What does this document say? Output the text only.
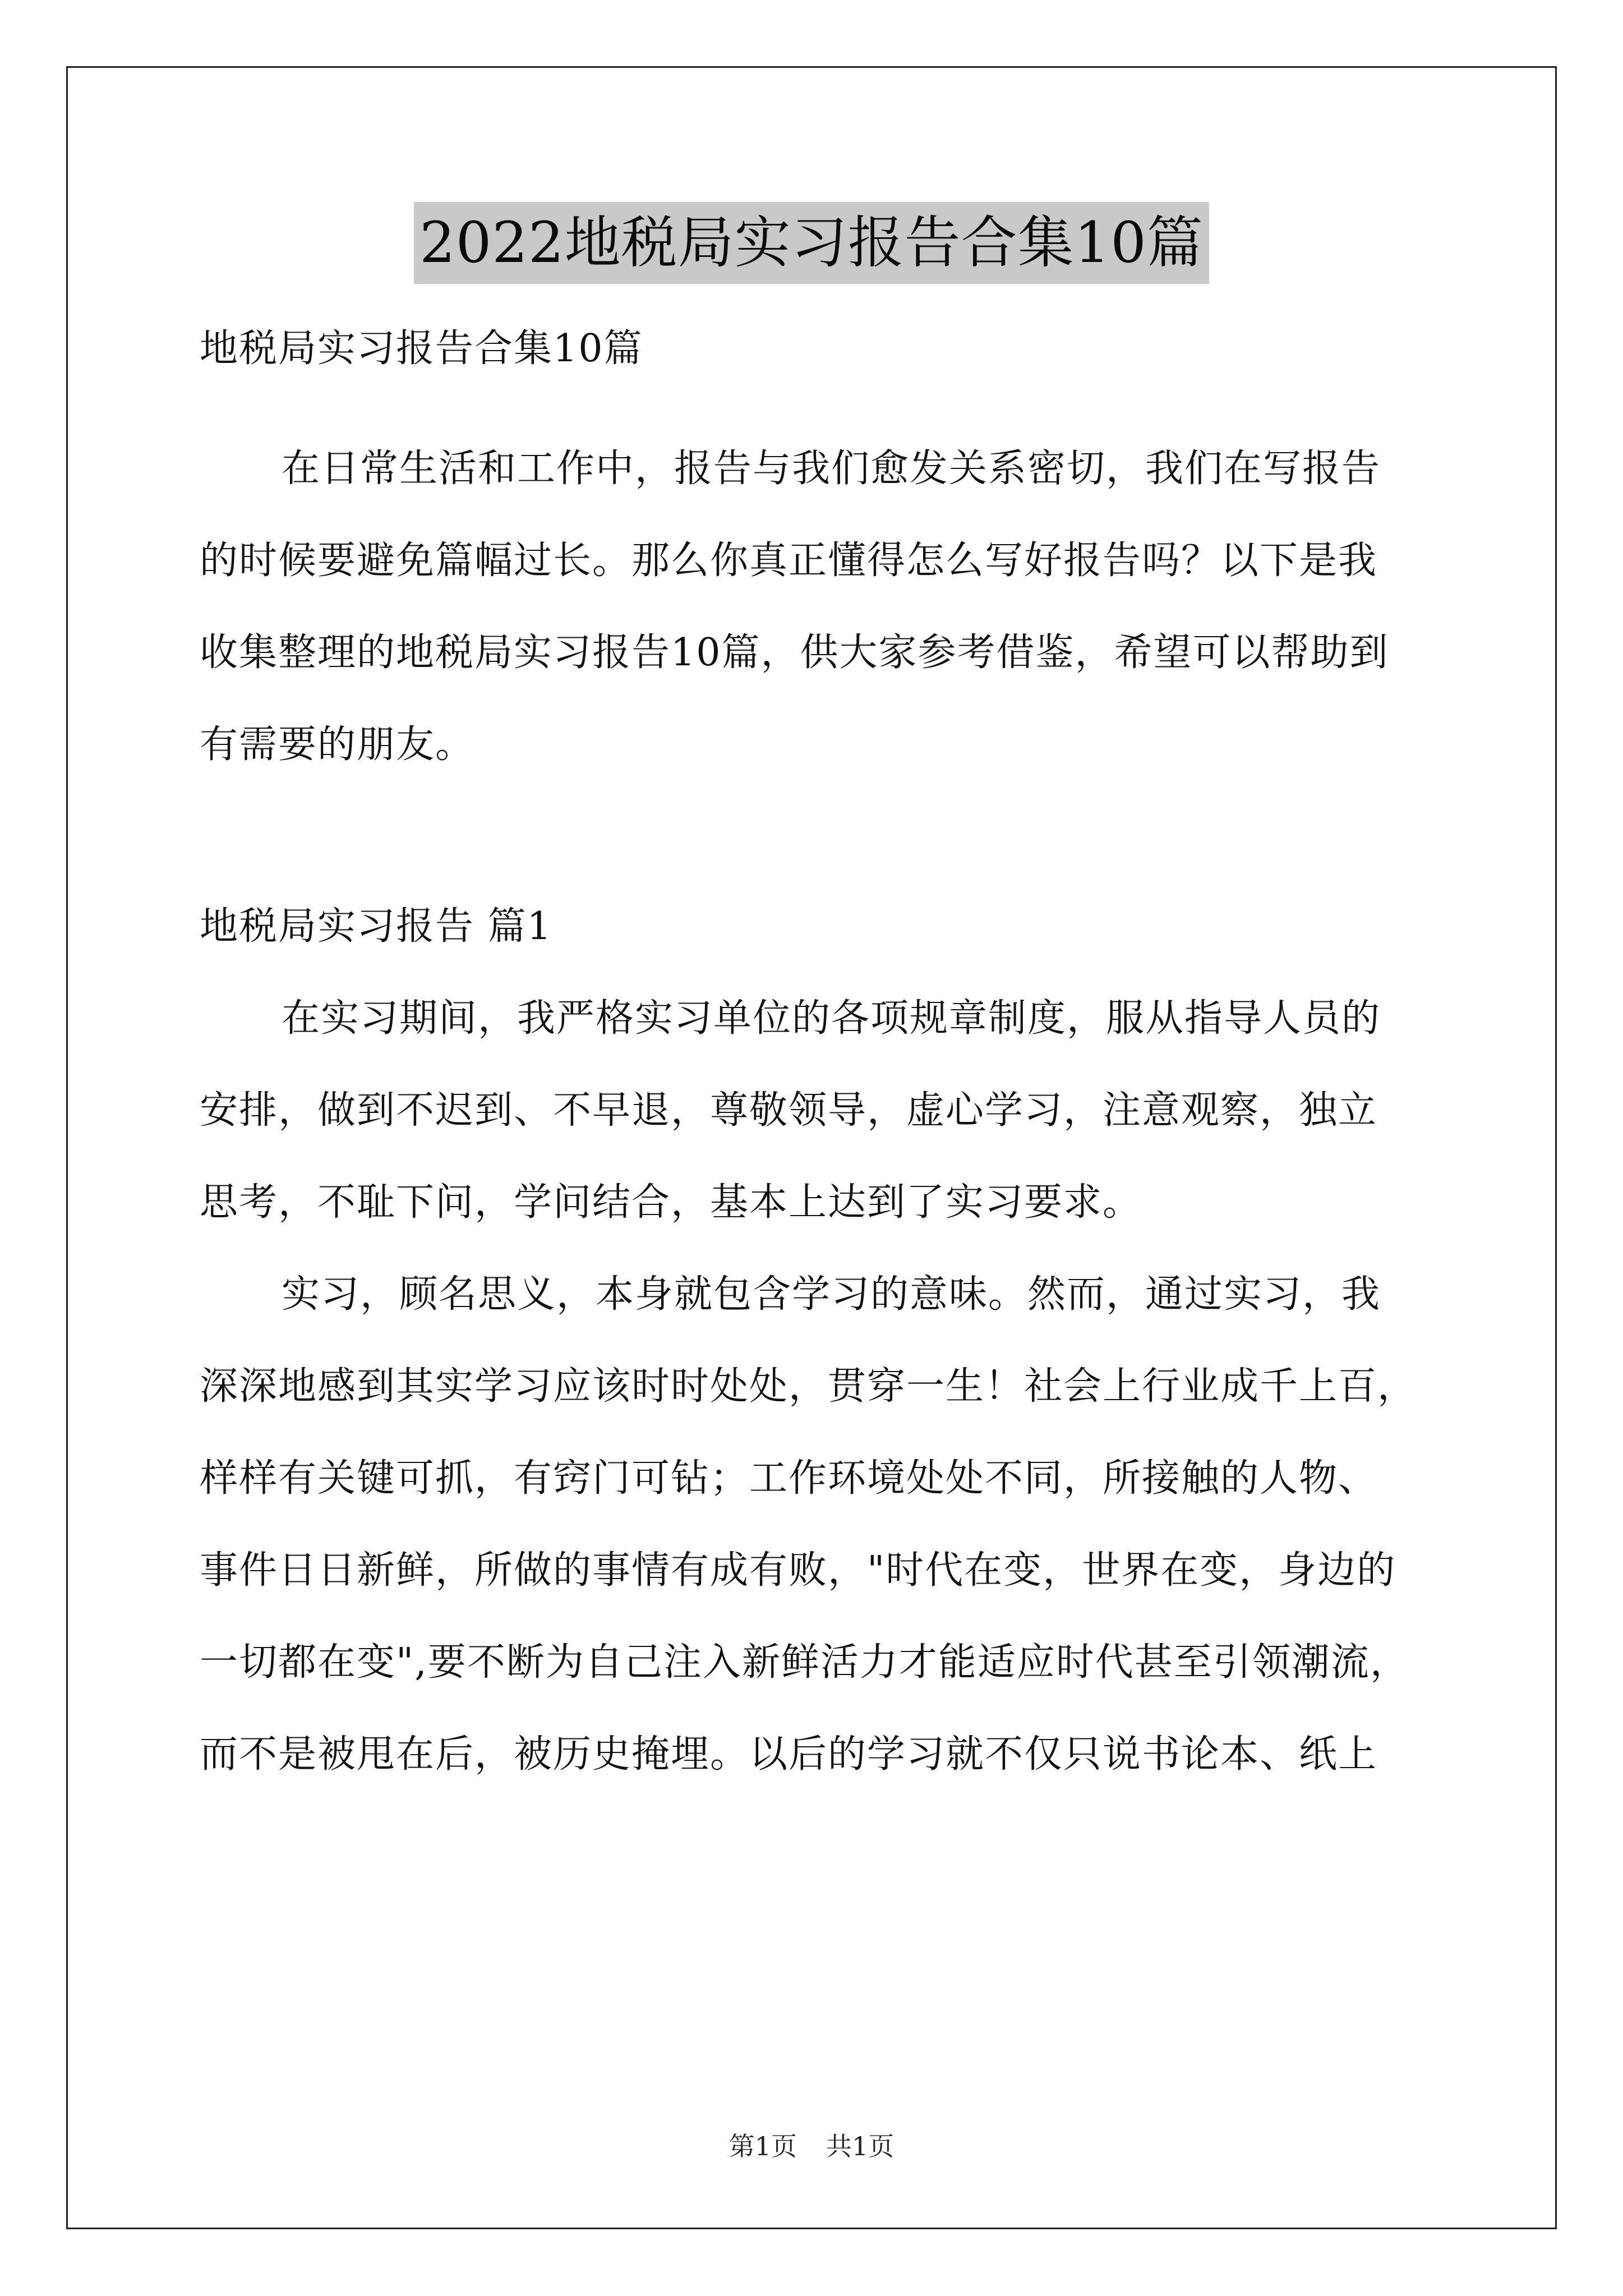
2022地税局实习报告合集10篇
地税局实习报告合集10篇
在日常生活和工作中，报告与我们愈发关系密切，我们在写报告
的时候要避免篇幅过长。那么你真正懂得怎么写好报告吗？以下是我
收集整理的地税局实习报告10篇，供大家参考借鉴，希望可以帮助到
有需要的朋友。
地税局实习报告 篇1
在实习期间，我严格实习单位的各项规章制度，服从指导人员的
安排，做到不迟到、不早退，尊敬领导，虚心学习，注意观察，独立
思考，不耻下问，学问结合，基本上达到了实习要求。
实习，顾名思义，本身就包含学习的意味。然而，通过实习，我
深深地感到其实学习应该时时处处，贯穿一生！社会上行业成千上百，
样样有关键可抓，有窍门可钻；工作环境处处不同，所接触的人物、
事件日日新鲜，所做的事情有成有败，"时代在变，世界在变，身边的
一切都在变",要不断为自己注入新鲜活力才能适应时代甚至引领潮流，
而不是被甩在后，被历史掩埋。以后的学习就不仅只说书论本、纸上
第1页 共1页
